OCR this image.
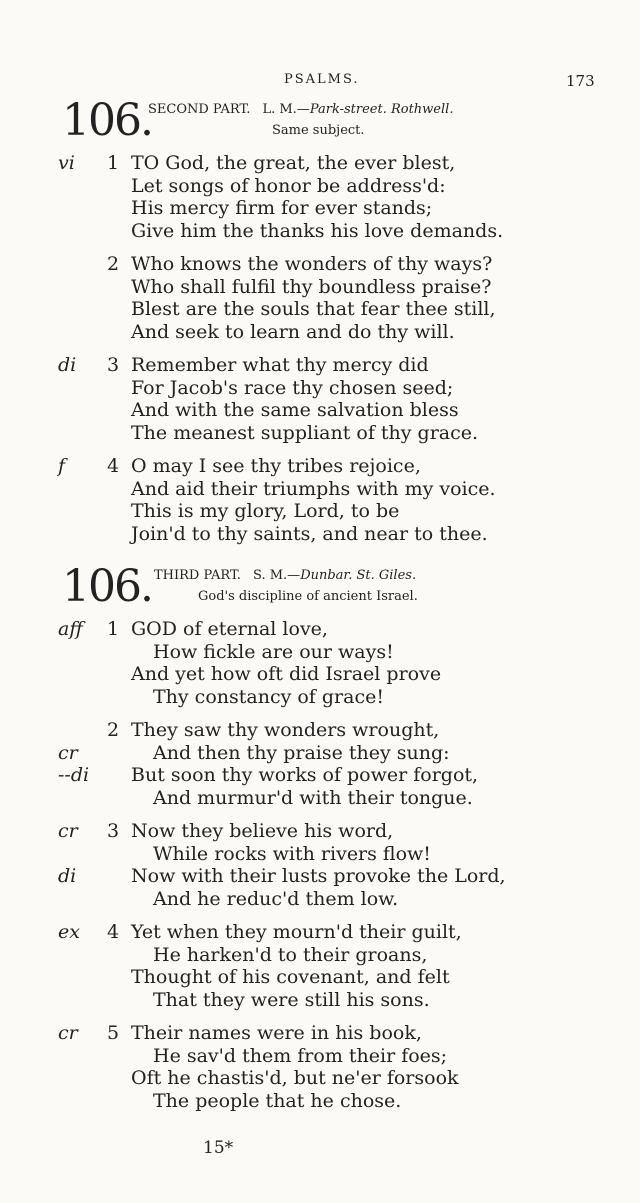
PSALMS.	173
106.
SECOND PART. L. M.—Park-street. Rothwell.
Same subject.
vi 1 TO God, the great, the ever blest,
Let songs of honor be address'd:
His mercy firm for ever stands;
Give him the thanks his love demands.
2 Who knows the wonders of thy ways?
Who shall fulfil thy boundless praise?
Blest are the souls that fear thee still,
And seek to learn and do thy will.
di 3 Remember what thy mercy did
For Jacob's race thy chosen seed;
And with the same salvation bless
The meanest suppliant of thy grace.
f 4 O may I see thy tribes rejoice,
And aid their triumphs with my voice.
This is my glory, Lord, to be
Join'd to thy saints, and near to thee.
106. THIRD PART. S. M.—Dunbar. St. Giles.
God's discipline of ancient Israel.
aff 1 GOD of eternal love,
How fickle are our ways!
And yet how oft did Israel prove
Thy constancy of grace!
2 They saw thy wonders wrought,
cr	And then thy praise they sung:
--di But soon thy works of power forgot,
And murmur'd with their tongue.
cr 3 Now they believe his word,
While rocks with rivers flow!
di	Now with their lusts provoke the Lord,
And he reduc'd them low.
ex 4 Yet when they mourn'd their guilt,
He harken'd to their groans,
Thought of his covenant, and felt
That they were still his sons.
cr 5 Their names were in his book,
He sav'd them from their foes;
Oft he chastis'd, but ne'er forsook
The people that he chose.
15*
